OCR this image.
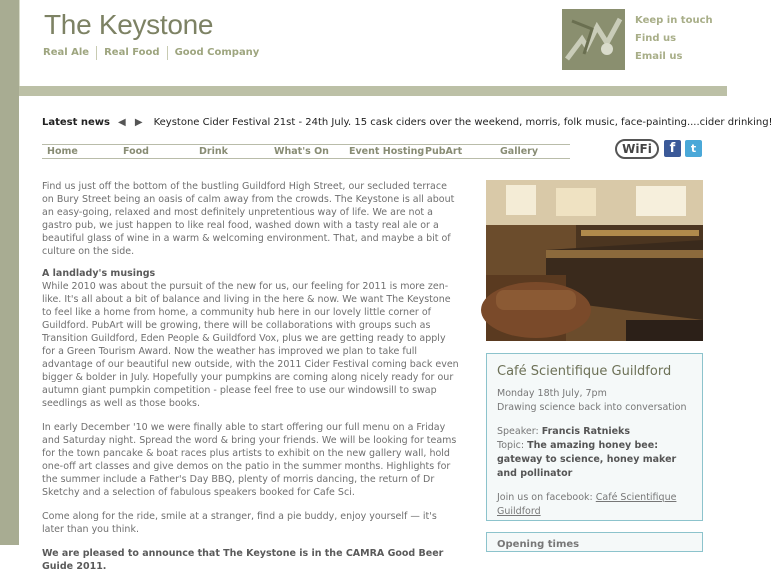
The Keystone
Real Ale	Real Food	Good Company
Keep in touch
Find us
Email us
Latest news ◀ ▶ Keystone Cider Festival 21st - 24th July. 15 cask ciders over the weekend, morris, folk music, face-painting....cider drinking!
Home	Food	Drink	What's On Event Hosting PubArt	Gallery	WiFi	f	t

Find us just off the bottom of the bustling Guildford High Street, our secluded terrace on Bury Street being an oasis of calm away from the crowds. The Keystone is all about an easy-going, relaxed and most definitely unpretentious way of life. We are not a gastro pub, we just happen to like real food, washed down with a tasty real ale or a beautiful glass of wine in a warm & welcoming environment. That, and maybe a bit of culture on the side.

A landlady's musings

While 2010 was about the pursuit of the new for us, our feeling for 2011 is more zen-like. It's all about a bit of balance and living in the here & now. We want The Keystone to feel like a home from home, a community hub here in our lovely little corner of Guildford. PubArt will be growing, there will be collaborations with groups such as Transition Guildford, Eden People & Guildford Vox, plus we are getting ready to apply for a Green Tourism Award. Now the weather has improved we plan to take full advantage of our beautiful new outside, with the 2011 Cider Festival coming back even bigger & bolder in July. Hopefully your pumpkins are coming along nicely ready for our autumn giant pumpkin competition - please feel free to use our windowsill to swap seedlings as well as those books.

In early December '10 we were finally able to start offering our full menu on a Friday and Saturday night. Spread the word & bring your friends. We will be looking for teams for the town pancake & boat races plus artists to exhibit on the new gallery wall, hold one-off art classes and give demos on the patio in the summer months. Highlights for the summer include a Father's Day BBQ, plenty of morris dancing, the return of Dr Sketchy and a selection of fabulous speakers booked for Cafe Sci.

Come along for the ride, smile at a stranger, find a pie buddy, enjoy yourself — it's later than you think.

We are pleased to announce that The Keystone is in the CAMRA Good Beer Guide 2011.

Café Scientifique Guildford
Monday 18th July, 7pm
Drawing science back into conversation
Speaker: Francis Ratnieks
Topic: The amazing honey bee: gateway to science, honey maker and pollinator
Join us on facebook: Café Scientifique Guildford
Opening times
